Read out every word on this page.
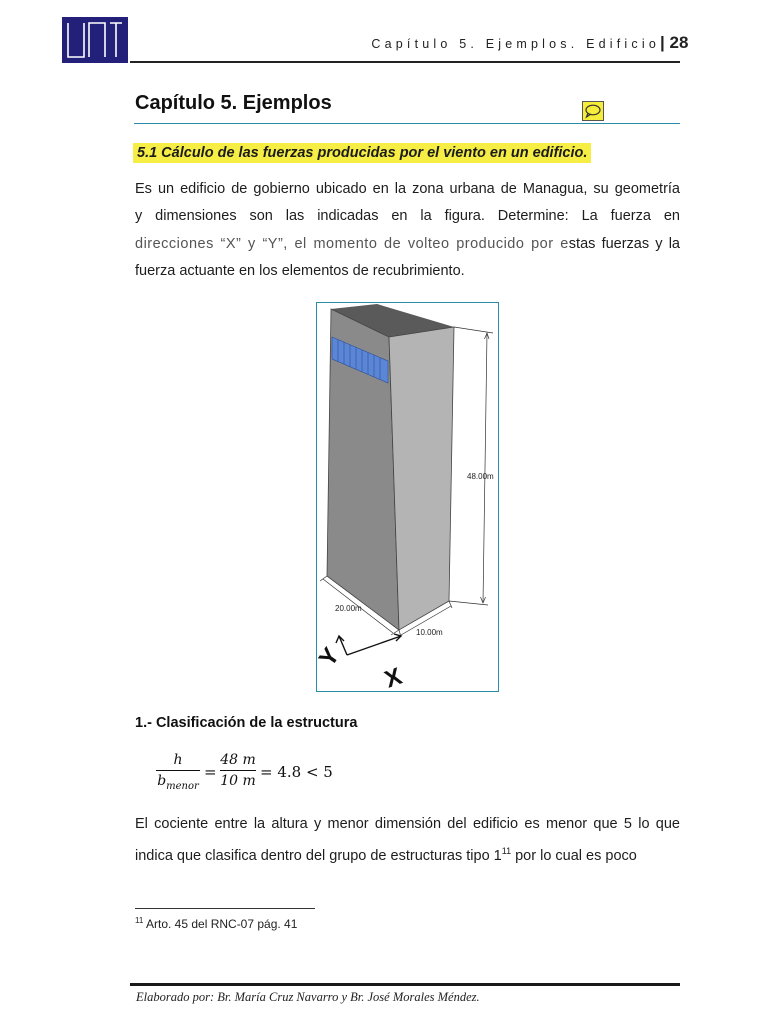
Capítulo 5. Ejemplos. Edificio | 28
Capítulo 5. Ejemplos
5.1 Cálculo de las fuerzas producidas por el viento en un edificio.
Es un edificio de gobierno ubicado en la zona urbana de Managua, su geometría
y dimensiones son las indicadas en la figura. Determine: La fuerza en
direcciones “X” y “Y”, el momento de volteo producido por estas fuerzas y la
fuerza actuante en los elementos de recubrimiento.
48.00m
20.00m
10.00m
Y
X
1.- Clasificación de la estructura
h
$b_{menor}$
=
48 m
10 m = 4.8 < 5
El cociente entre la altura y menor dimensión del edificio es menor que 5 lo que
indica que clasifica dentro del grupo de estructuras tipo $1^{11}$ por lo cual es poco
$^{11}$ Arto. 45 del RNC-07 pág. 41
Elaborado por: Br. María Cruz Navarro y Br. José Morales Méndez.
